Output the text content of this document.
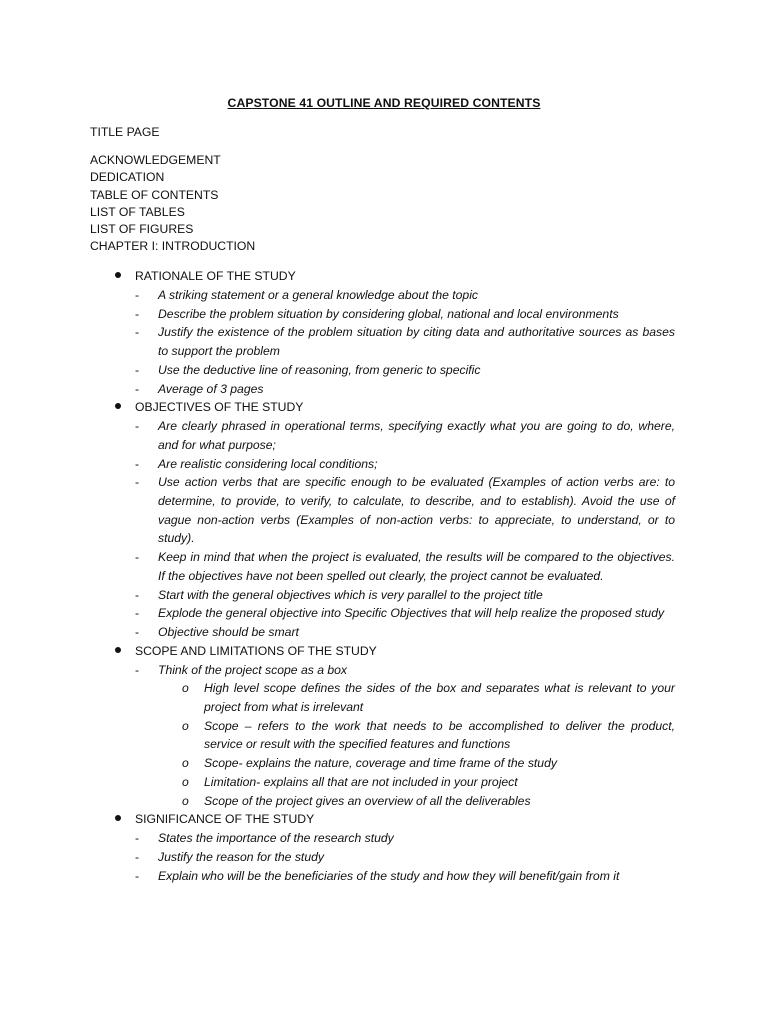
CAPSTONE 41 OUTLINE AND REQUIRED CONTENTS
TITLE PAGE
ACKNOWLEDGEMENT
DEDICATION
TABLE OF CONTENTS
LIST OF TABLES
LIST OF FIGURES
CHAPTER I: INTRODUCTION
RATIONALE OF THE STUDY
- A striking statement or a general knowledge about the topic
- Describe the problem situation by considering global, national and local environments
- Justify the existence of the problem situation by citing data and authoritative sources as bases to support the problem
- Use the deductive line of reasoning, from generic to specific
- Average of 3 pages
OBJECTIVES OF THE STUDY
- Are clearly phrased in operational terms, specifying exactly what you are going to do, where, and for what purpose;
- Are realistic considering local conditions;
- Use action verbs that are specific enough to be evaluated (Examples of action verbs are: to determine, to provide, to verify, to calculate, to describe, and to establish). Avoid the use of vague non-action verbs (Examples of non-action verbs: to appreciate, to understand, or to study).
- Keep in mind that when the project is evaluated, the results will be compared to the objectives. If the objectives have not been spelled out clearly, the project cannot be evaluated.
- Start with the general objectives which is very parallel to the project title
- Explode the general objective into Specific Objectives that will help realize the proposed study
- Objective should be smart
SCOPE AND LIMITATIONS OF THE STUDY
- Think of the project scope as a box
o High level scope defines the sides of the box and separates what is relevant to your project from what is irrelevant
o Scope – refers to the work that needs to be accomplished to deliver the product, service or result with the specified features and functions
o Scope- explains the nature, coverage and time frame of the study
o Limitation- explains all that are not included in your project
o Scope of the project gives an overview of all the deliverables
SIGNIFICANCE OF THE STUDY
- States the importance of the research study
- Justify the reason for the study
- Explain who will be the beneficiaries of the study and how they will benefit/gain from it
